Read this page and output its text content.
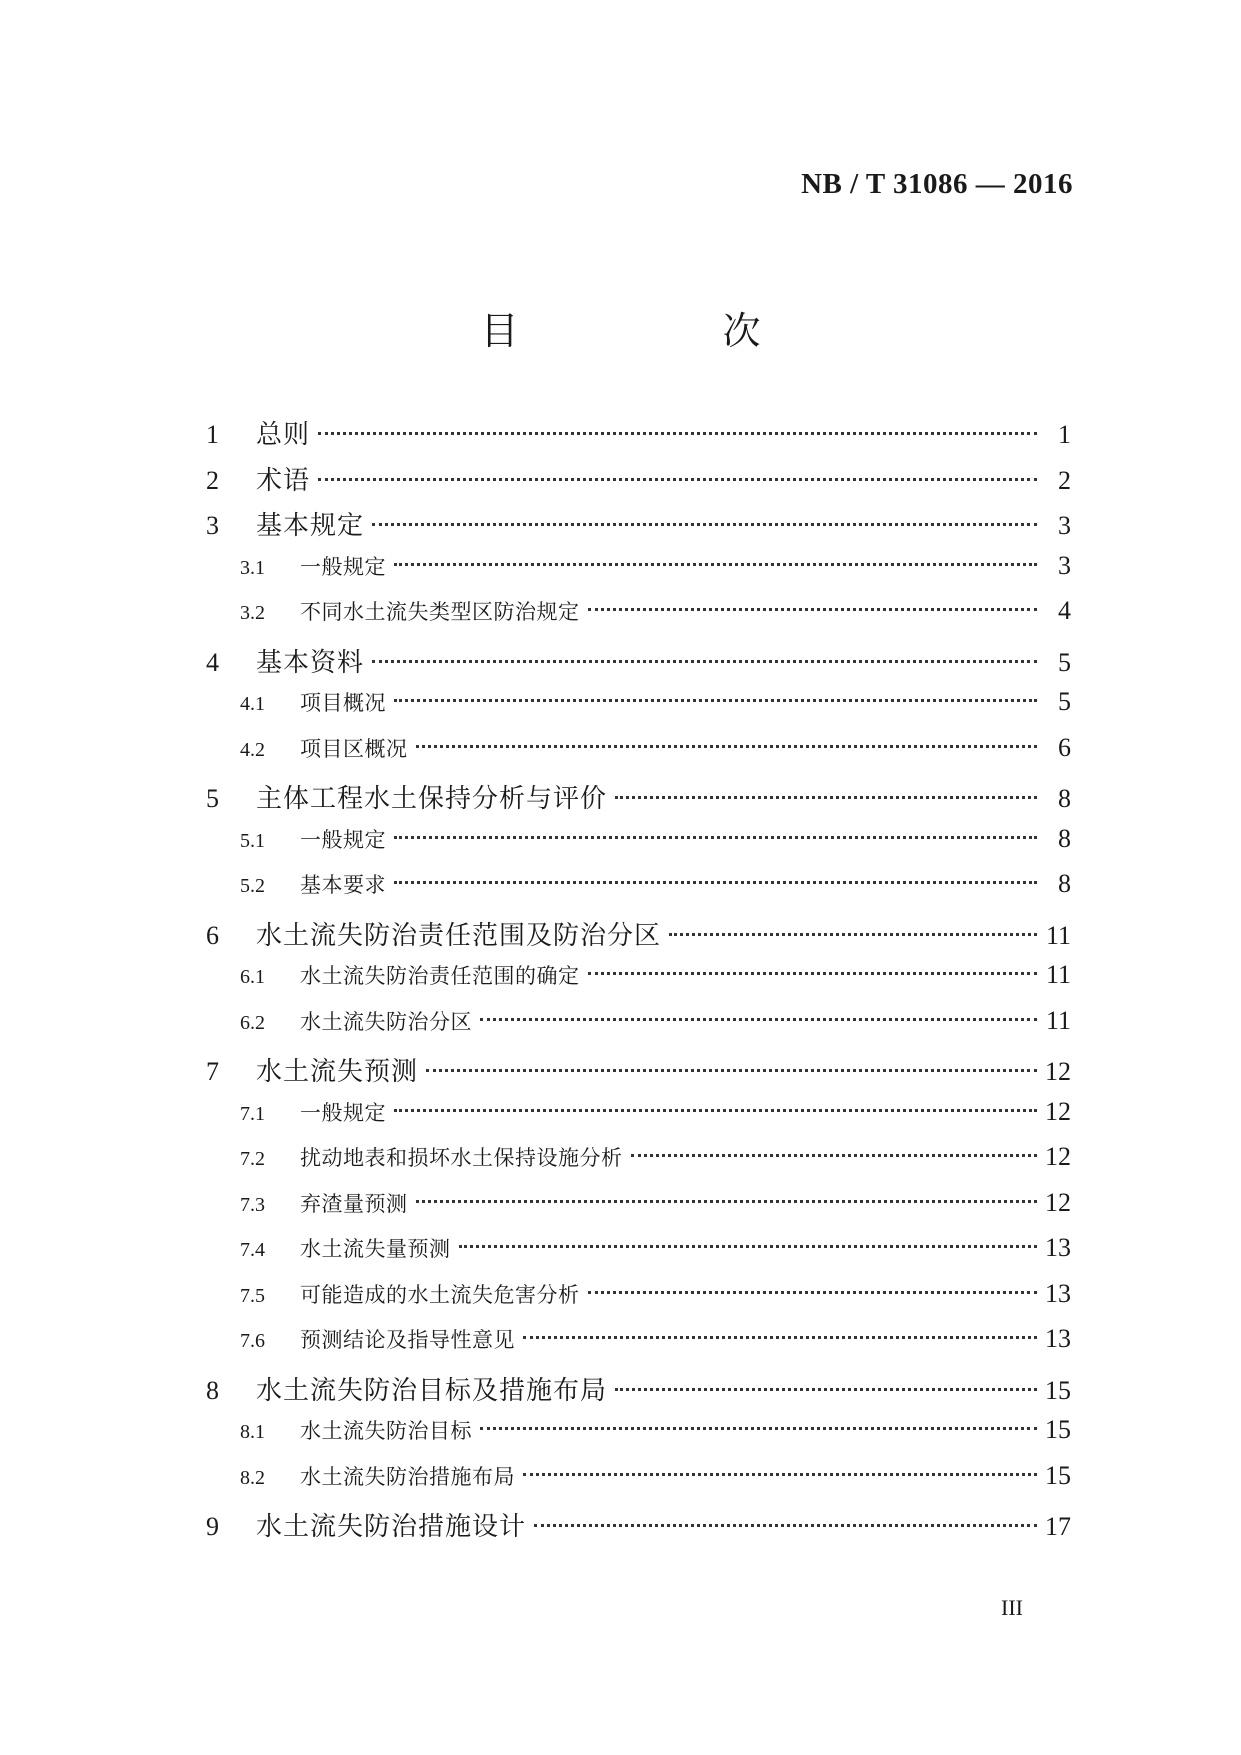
NB / T 31086 — 2016
目 次
1	总则	1
2	术语	2
3	基本规定	3
3.1	一般规定	3
3.2	不同水土流失类型区防治规定	4
4	基本资料	5
4.1	项目概况	5
4.2	项目区概况	6
5	主体工程水土保持分析与评价	8
5.1	一般规定	8
5.2	基本要求	8
6	水土流失防治责任范围及防治分区	11
6.1	水土流失防治责任范围的确定	11
6.2	水土流失防治分区	11
7	水土流失预测	12
7.1	一般规定	12
7.2	扰动地表和损坏水土保持设施分析	12
7.3	弃渣量预测	12
7.4	水土流失量预测	13
7.5	可能造成的水土流失危害分析	13
7.6	预测结论及指导性意见	13
8	水土流失防治目标及措施布局	15
8.1	水土流失防治目标	15
8.2	水土流失防治措施布局	15
9	水土流失防治措施设计	17
III
